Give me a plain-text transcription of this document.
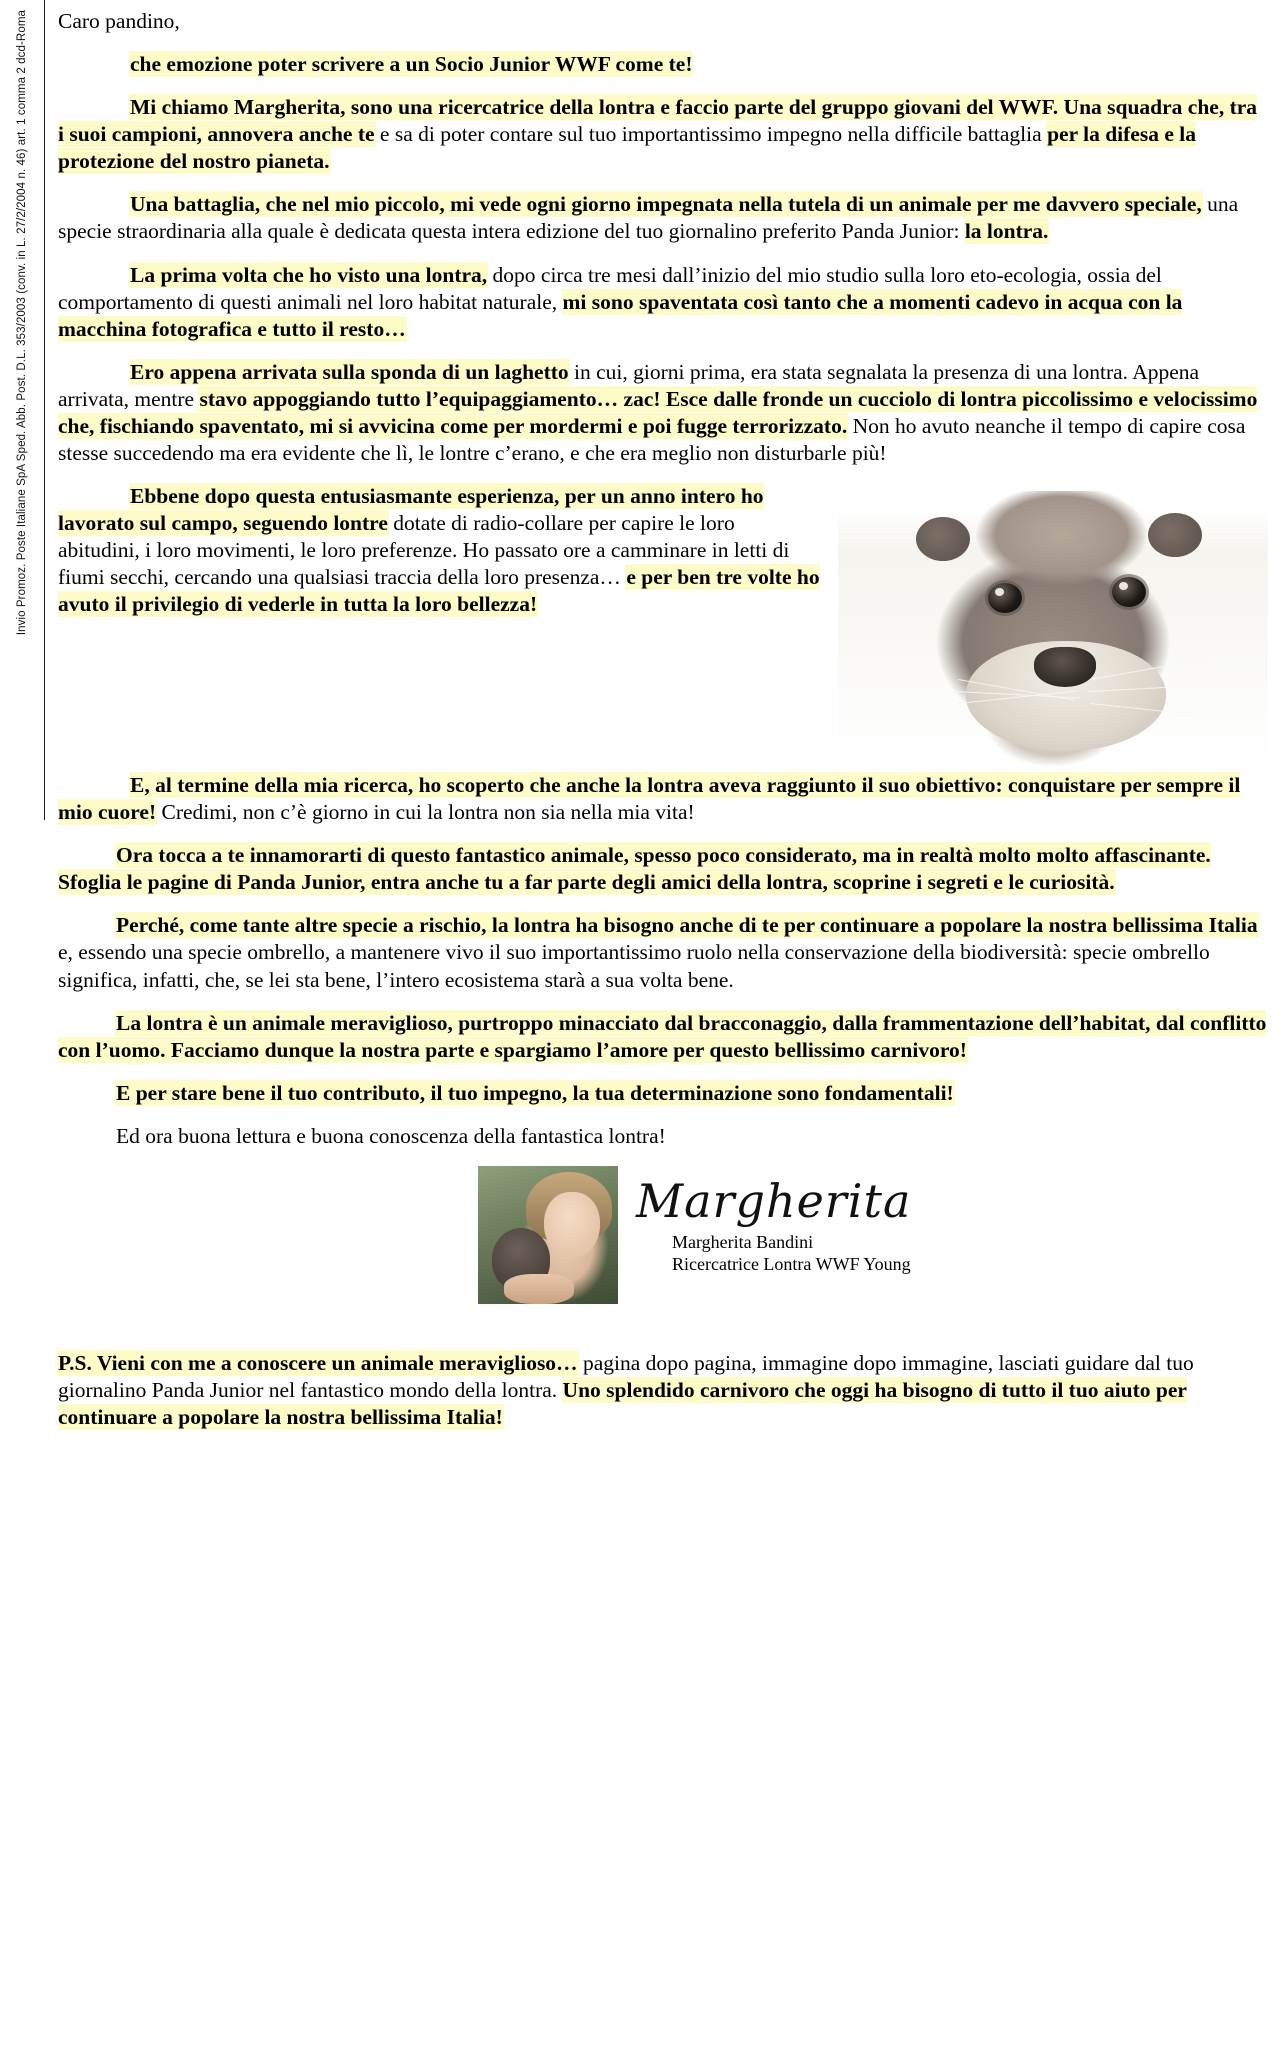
Invio Promoz. Poste Italiane SpA Sped. Abb. Post. D.L. 353/2003 (conv. in L. 27/2/2004 n. 46) art. 1 comma 2 dcd-Roma Caro pandino,

che emozione poter scrivere a un Socio Junior WWF come te!

Mi chiamo Margherita, sono una ricercatrice della lontra e faccio parte del gruppo giovani del WWF. Una squadra che, tra i suoi campioni, annovera anche te e sa di poter contare sul tuo importantissimo impegno nella difficile battaglia per la difesa e la protezione del nostro pianeta.

Una battaglia, che nel mio piccolo, mi vede ogni giorno impegnata nella tutela di un animale per me davvero speciale, una specie straordinaria alla quale è dedicata questa intera edizione del tuo giornalino preferito Panda Junior: la lontra.

La prima volta che ho visto una lontra, dopo circa tre mesi dall’inizio del mio studio sulla loro eto-ecologia, ossia del comportamento di questi animali nel loro habitat naturale, mi sono spaventata così tanto che a momenti cadevo in acqua con la macchina fotografica e tutto il resto…

Ero appena arrivata sulla sponda di un laghetto in cui, giorni prima, era stata segnalata la presenza di una lontra. Appena arrivata, mentre stavo appoggiando tutto l’equipaggiamento… zac! Esce dalle fronde un cucciolo di lontra piccolissimo e velocissimo che, fischiando spaventato, mi si avvicina come per mordermi e poi fugge terrorizzato. Non ho avuto neanche il tempo di capire cosa stesse succedendo ma era evidente che lì, le lontre c’erano, e che era meglio non disturbarle più!

Ebbene dopo questa entusiasmante esperienza, per un anno intero ho lavorato sul campo, seguendo lontre dotate di radio-collare per capire le loro abitudini, i loro movimenti, le loro preferenze. Ho passato ore a camminare in letti di fiumi secchi, cercando una qualsiasi traccia della loro presenza… e per ben tre volte ho avuto il privilegio di vederle in tutta la loro bellezza!

E, al termine della mia ricerca, ho scoperto che anche la lontra aveva raggiunto il suo obiettivo: conquistare per sempre il mio cuore! Credimi, non c’è giorno in cui la lontra non sia nella mia vita!

Ora tocca a te innamorarti di questo fantastico animale, spesso poco considerato, ma in realtà molto molto affascinante. Sfoglia le pagine di Panda Junior, entra anche tu a far parte degli amici della lontra, scoprine i segreti e le curiosità.

Perché, come tante altre specie a rischio, la lontra ha bisogno anche di te per continuare a popolare la nostra bellissima Italia e, essendo una specie ombrello, a mantenere vivo il suo importantissimo ruolo nella conservazione della biodiversità: specie ombrello significa, infatti, che, se lei sta bene, l’intero ecosistema starà a sua volta bene.

La lontra è un animale meraviglioso, purtroppo minacciato dal bracconaggio, dalla frammentazione dell’habitat, dal conflitto con l’uomo. Facciamo dunque la nostra parte e spargiamo l’amore per questo bellissimo carnivoro!

E per stare bene il tuo contributo, il tuo impegno, la tua determinazione sono fondamentali!

Ed ora buona lettura e buona conoscenza della fantastica lontra!

Margherita
Margherita Bandini
Ricercatrice Lontra WWF Young

P.S. Vieni con me a conoscere un animale meraviglioso… pagina dopo pagina, immagine dopo immagine, lasciati guidare dal tuo giornalino Panda Junior nel fantastico mondo della lontra. Uno splendido carnivoro che oggi ha bisogno di tutto il tuo aiuto per continuare a popolare la nostra bellissima Italia!
